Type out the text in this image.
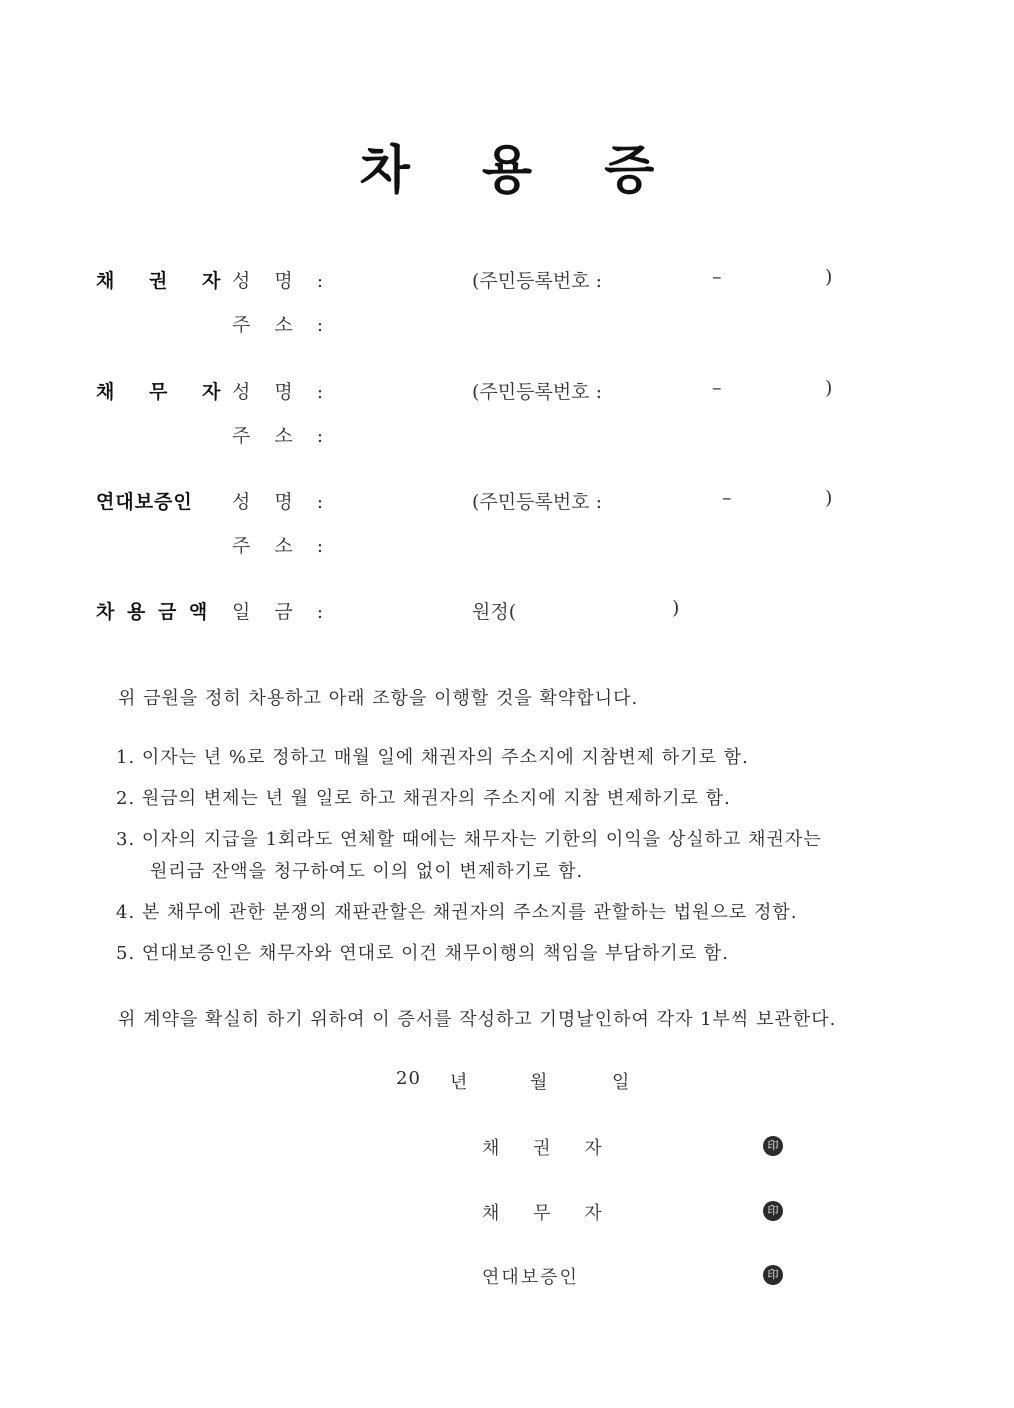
차 용 증
채 권 자
성 명 :	(주민등록번호 :	–	)
주 소 :
채 무 자
성 명 :	(주민등록번호 :	–	)
주 소 :
연대보증인 성 명 :	(주민등록번호 :	–	)
주 소 :
차 용 금 액 일 금 :	원정(	)
위 금원을 정히 차용하고 아래 조항을 이행할 것을 확약합니다.
1. 이자는 년 %로 정하고 매월 일에 채권자의 주소지에 지참변제 하기로 함.
2. 원금의 변제는 년 월 일로 하고 채권자의 주소지에 지참 변제하기로 함.
3. 이자의 지급을 1회라도 연체할 때에는 채무자는 기한의 이익을 상실하고 채권자는
원리금 잔액을 청구하여도 이의 없이 변제하기로 함.
4. 본 채무에 관한 분쟁의 재판관할은 채권자의 주소지를 관할하는 법원으로 정함.
5. 연대보증인은 채무자와 연대로 이건 채무이행의 책임을 부담하기로 함.
위 계약을 확실히 하기 위하여 이 증서를 작성하고 기명날인하여 각자 1부씩 보관한다.
20 년	월	일
채 권 자	印
채 무 자	印
연대보증인	印
